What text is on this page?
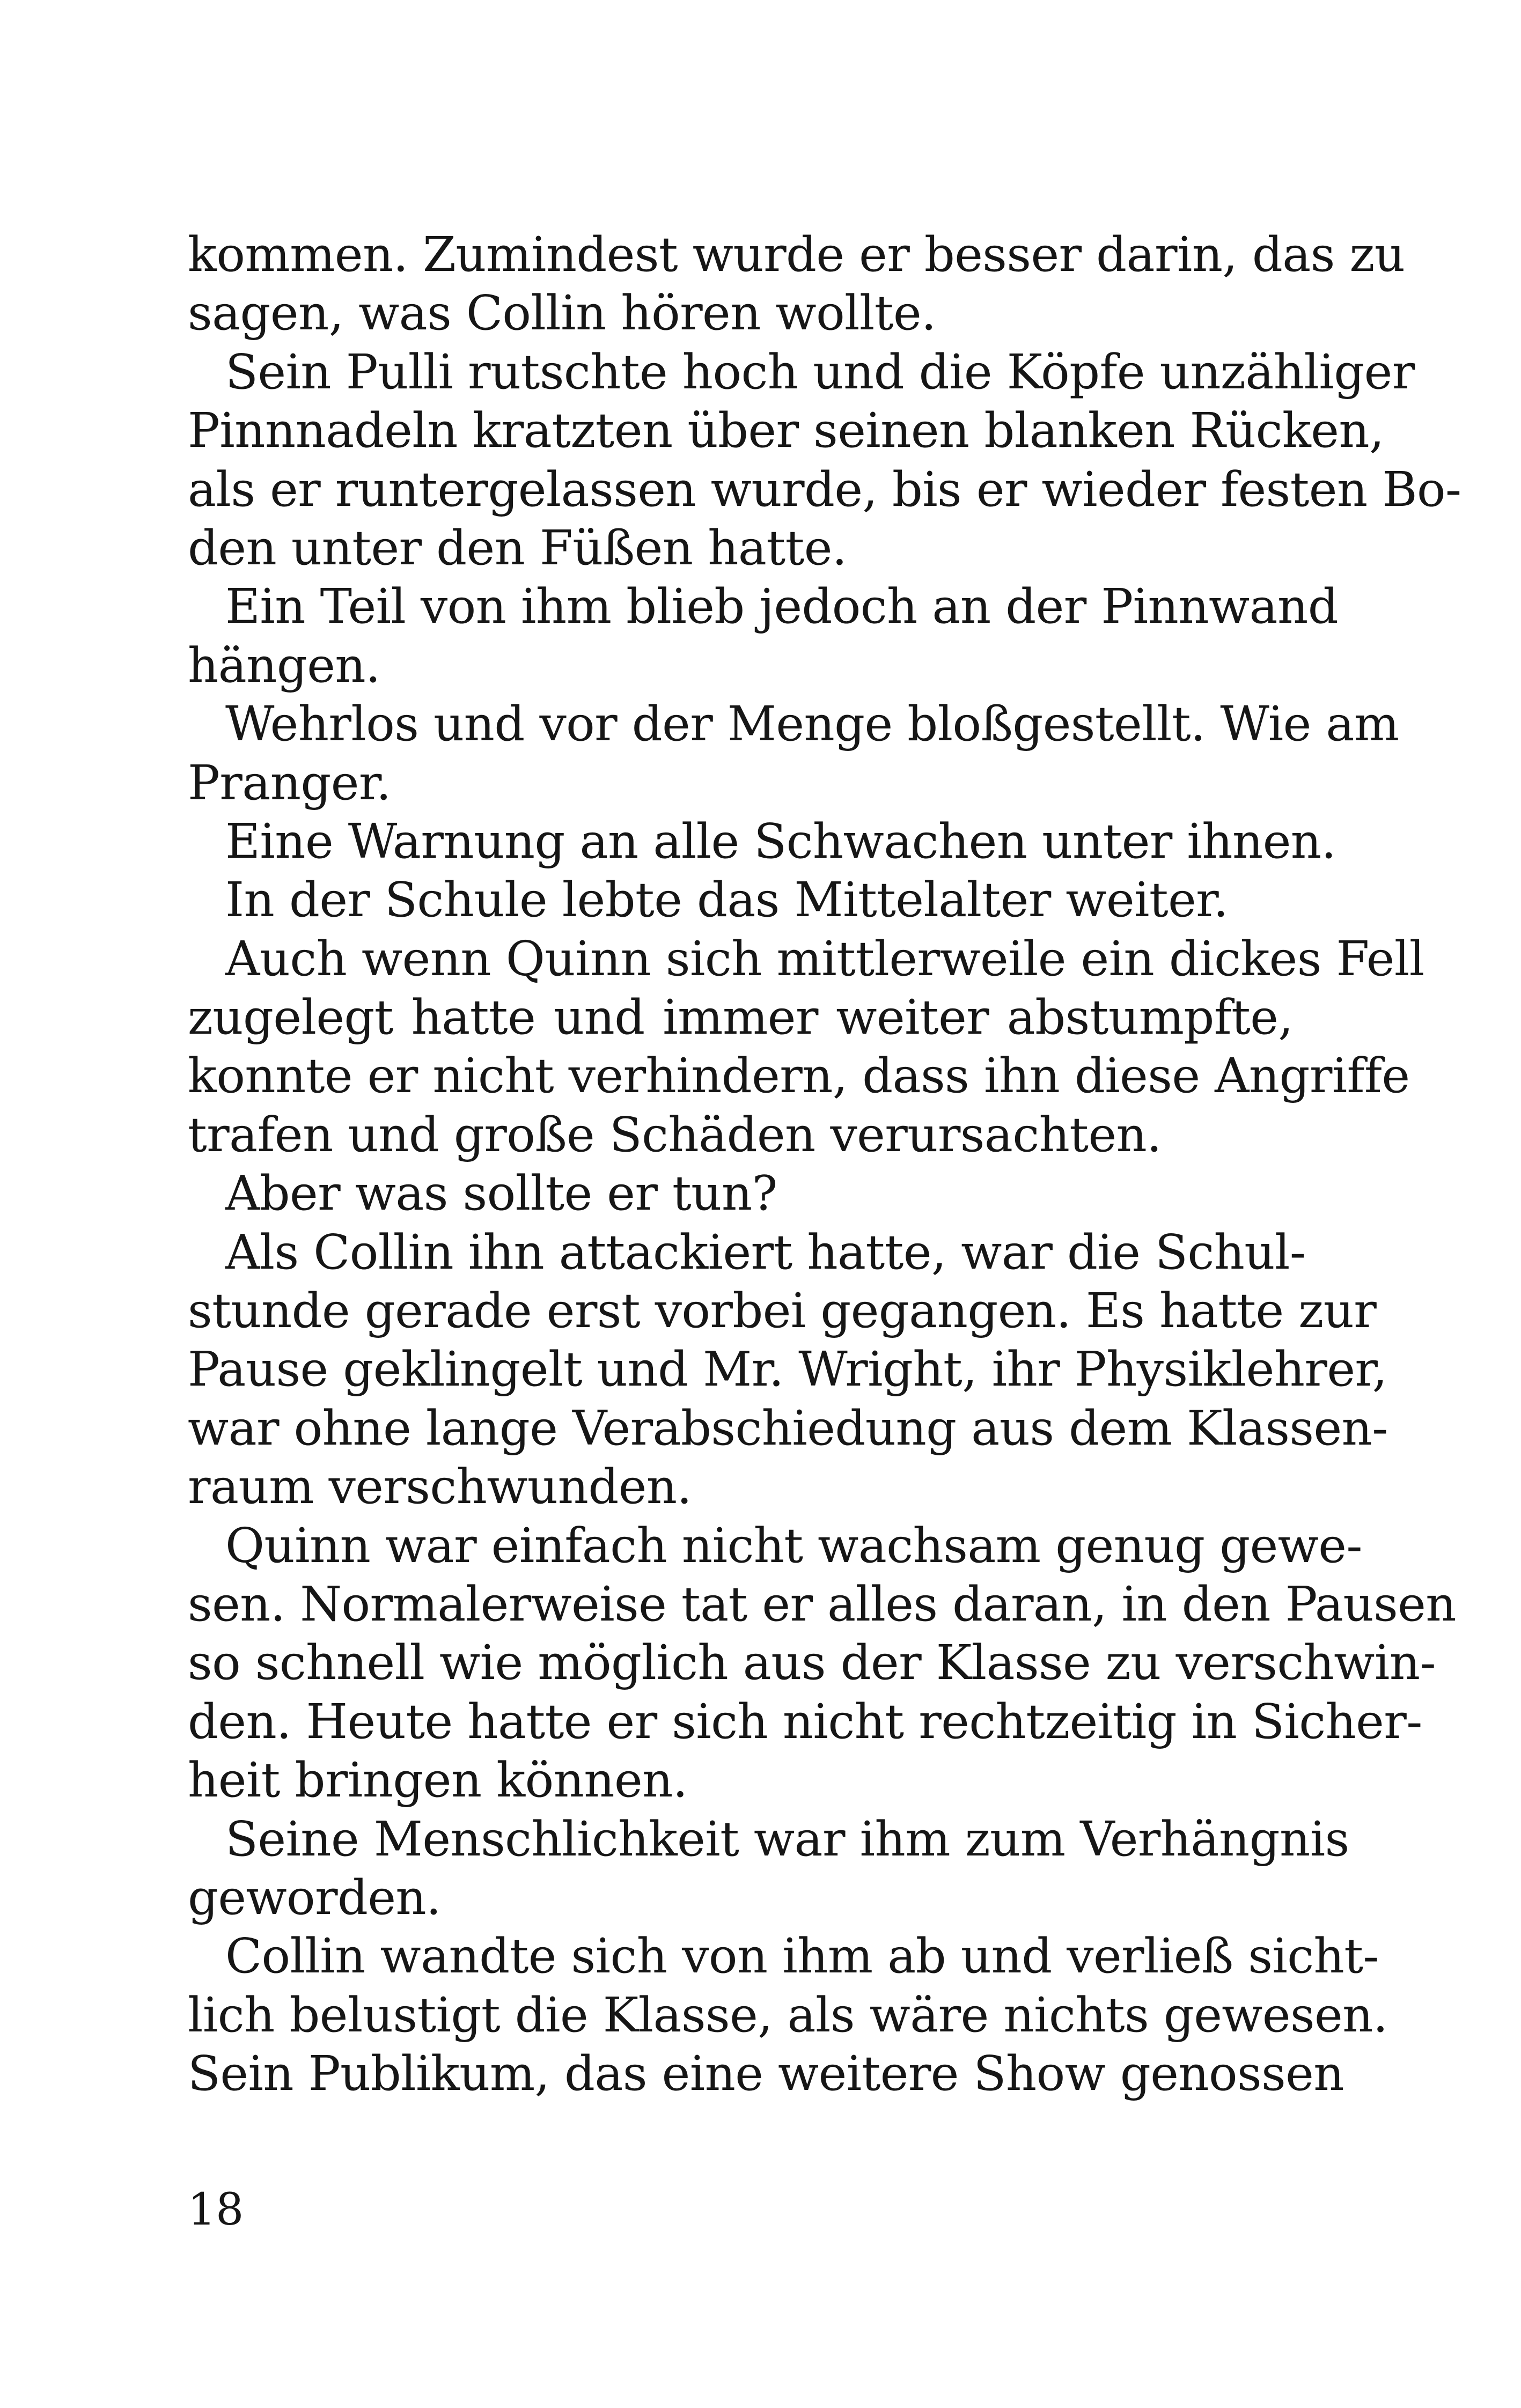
kommen. Zumindest wurde er besser darin, das zu
sagen, was Collin hören wollte.
Sein Pulli rutschte hoch und die Köpfe unzähliger
Pinnnadeln kratzten über seinen blanken Rücken,
als er runtergelassen wurde, bis er wieder festen Bo-
den unter den Füßen hatte.
Ein Teil von ihm blieb jedoch an der Pinnwand
hängen.
Wehrlos und vor der Menge bloßgestellt. Wie am
Pranger.
Eine Warnung an alle Schwachen unter ihnen.
In der Schule lebte das Mittelalter weiter.
Auch wenn Quinn sich mittlerweile ein dickes Fell
zugelegt hatte und immer weiter abstumpfte,
konnte er nicht verhindern, dass ihn diese Angriffe
trafen und große Schäden verursachten.
Aber was sollte er tun?
Als Collin ihn attackiert hatte, war die Schul-
stunde gerade erst vorbei gegangen. Es hatte zur
Pause geklingelt und Mr. Wright, ihr Physiklehrer,
war ohne lange Verabschiedung aus dem Klassen-
raum verschwunden.
Quinn war einfach nicht wachsam genug gewe-
sen. Normalerweise tat er alles daran, in den Pausen
so schnell wie möglich aus der Klasse zu verschwin-
den. Heute hatte er sich nicht rechtzeitig in Sicher-
heit bringen können.
Seine Menschlichkeit war ihm zum Verhängnis
geworden.
Collin wandte sich von ihm ab und verließ sicht-
lich belustigt die Klasse, als wäre nichts gewesen.
Sein Publikum, das eine weitere Show genossen
18
